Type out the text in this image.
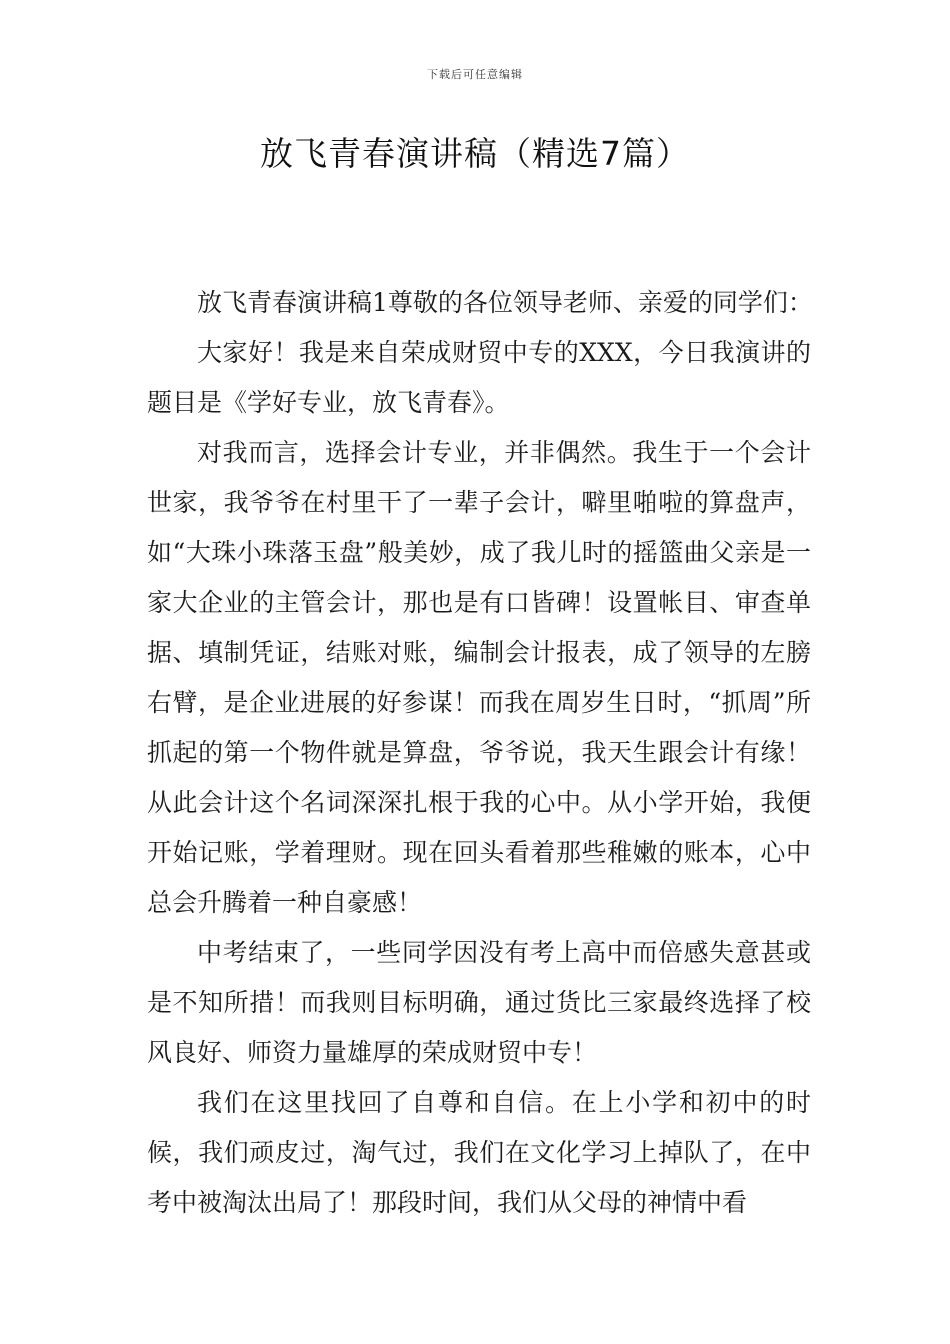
下载后可任意编辑
放飞青春演讲稿（精选7篇）

放飞青春演讲稿1尊敬的各位领导老师、亲爱的同学们：

大家好！我是来自荣成财贸中专的XXX，今日我演讲的题目是《学好专业，放飞青春》。

对我而言，选择会计专业，并非偶然。我生于一个会计世家，我爷爷在村里干了一辈子会计，噼里啪啦的算盘声，如“大珠小珠落玉盘”般美妙，成了我儿时的摇篮曲父亲是一家大企业的主管会计，那也是有口皆碑！设置帐目、审查单据、填制凭证，结账对账，编制会计报表，成了领导的左膀右臂，是企业进展的好参谋！而我在周岁生日时，“抓周”所抓起的第一个物件就是算盘，爷爷说，我天生跟会计有缘！从此会计这个名词深深扎根于我的心中。从小学开始，我便开始记账，学着理财。现在回头看着那些稚嫩的账本，心中总会升腾着一种自豪感！

中考结束了，一些同学因没有考上高中而倍感失意甚或是不知所措！而我则目标明确，通过货比三家最终选择了校风良好、师资力量雄厚的荣成财贸中专！

我们在这里找回了自尊和自信。在上小学和初中的时候，我们顽皮过，淘气过，我们在文化学习上掉队了，在中考中被淘汰出局了！那段时间，我们从父母的神情中看
